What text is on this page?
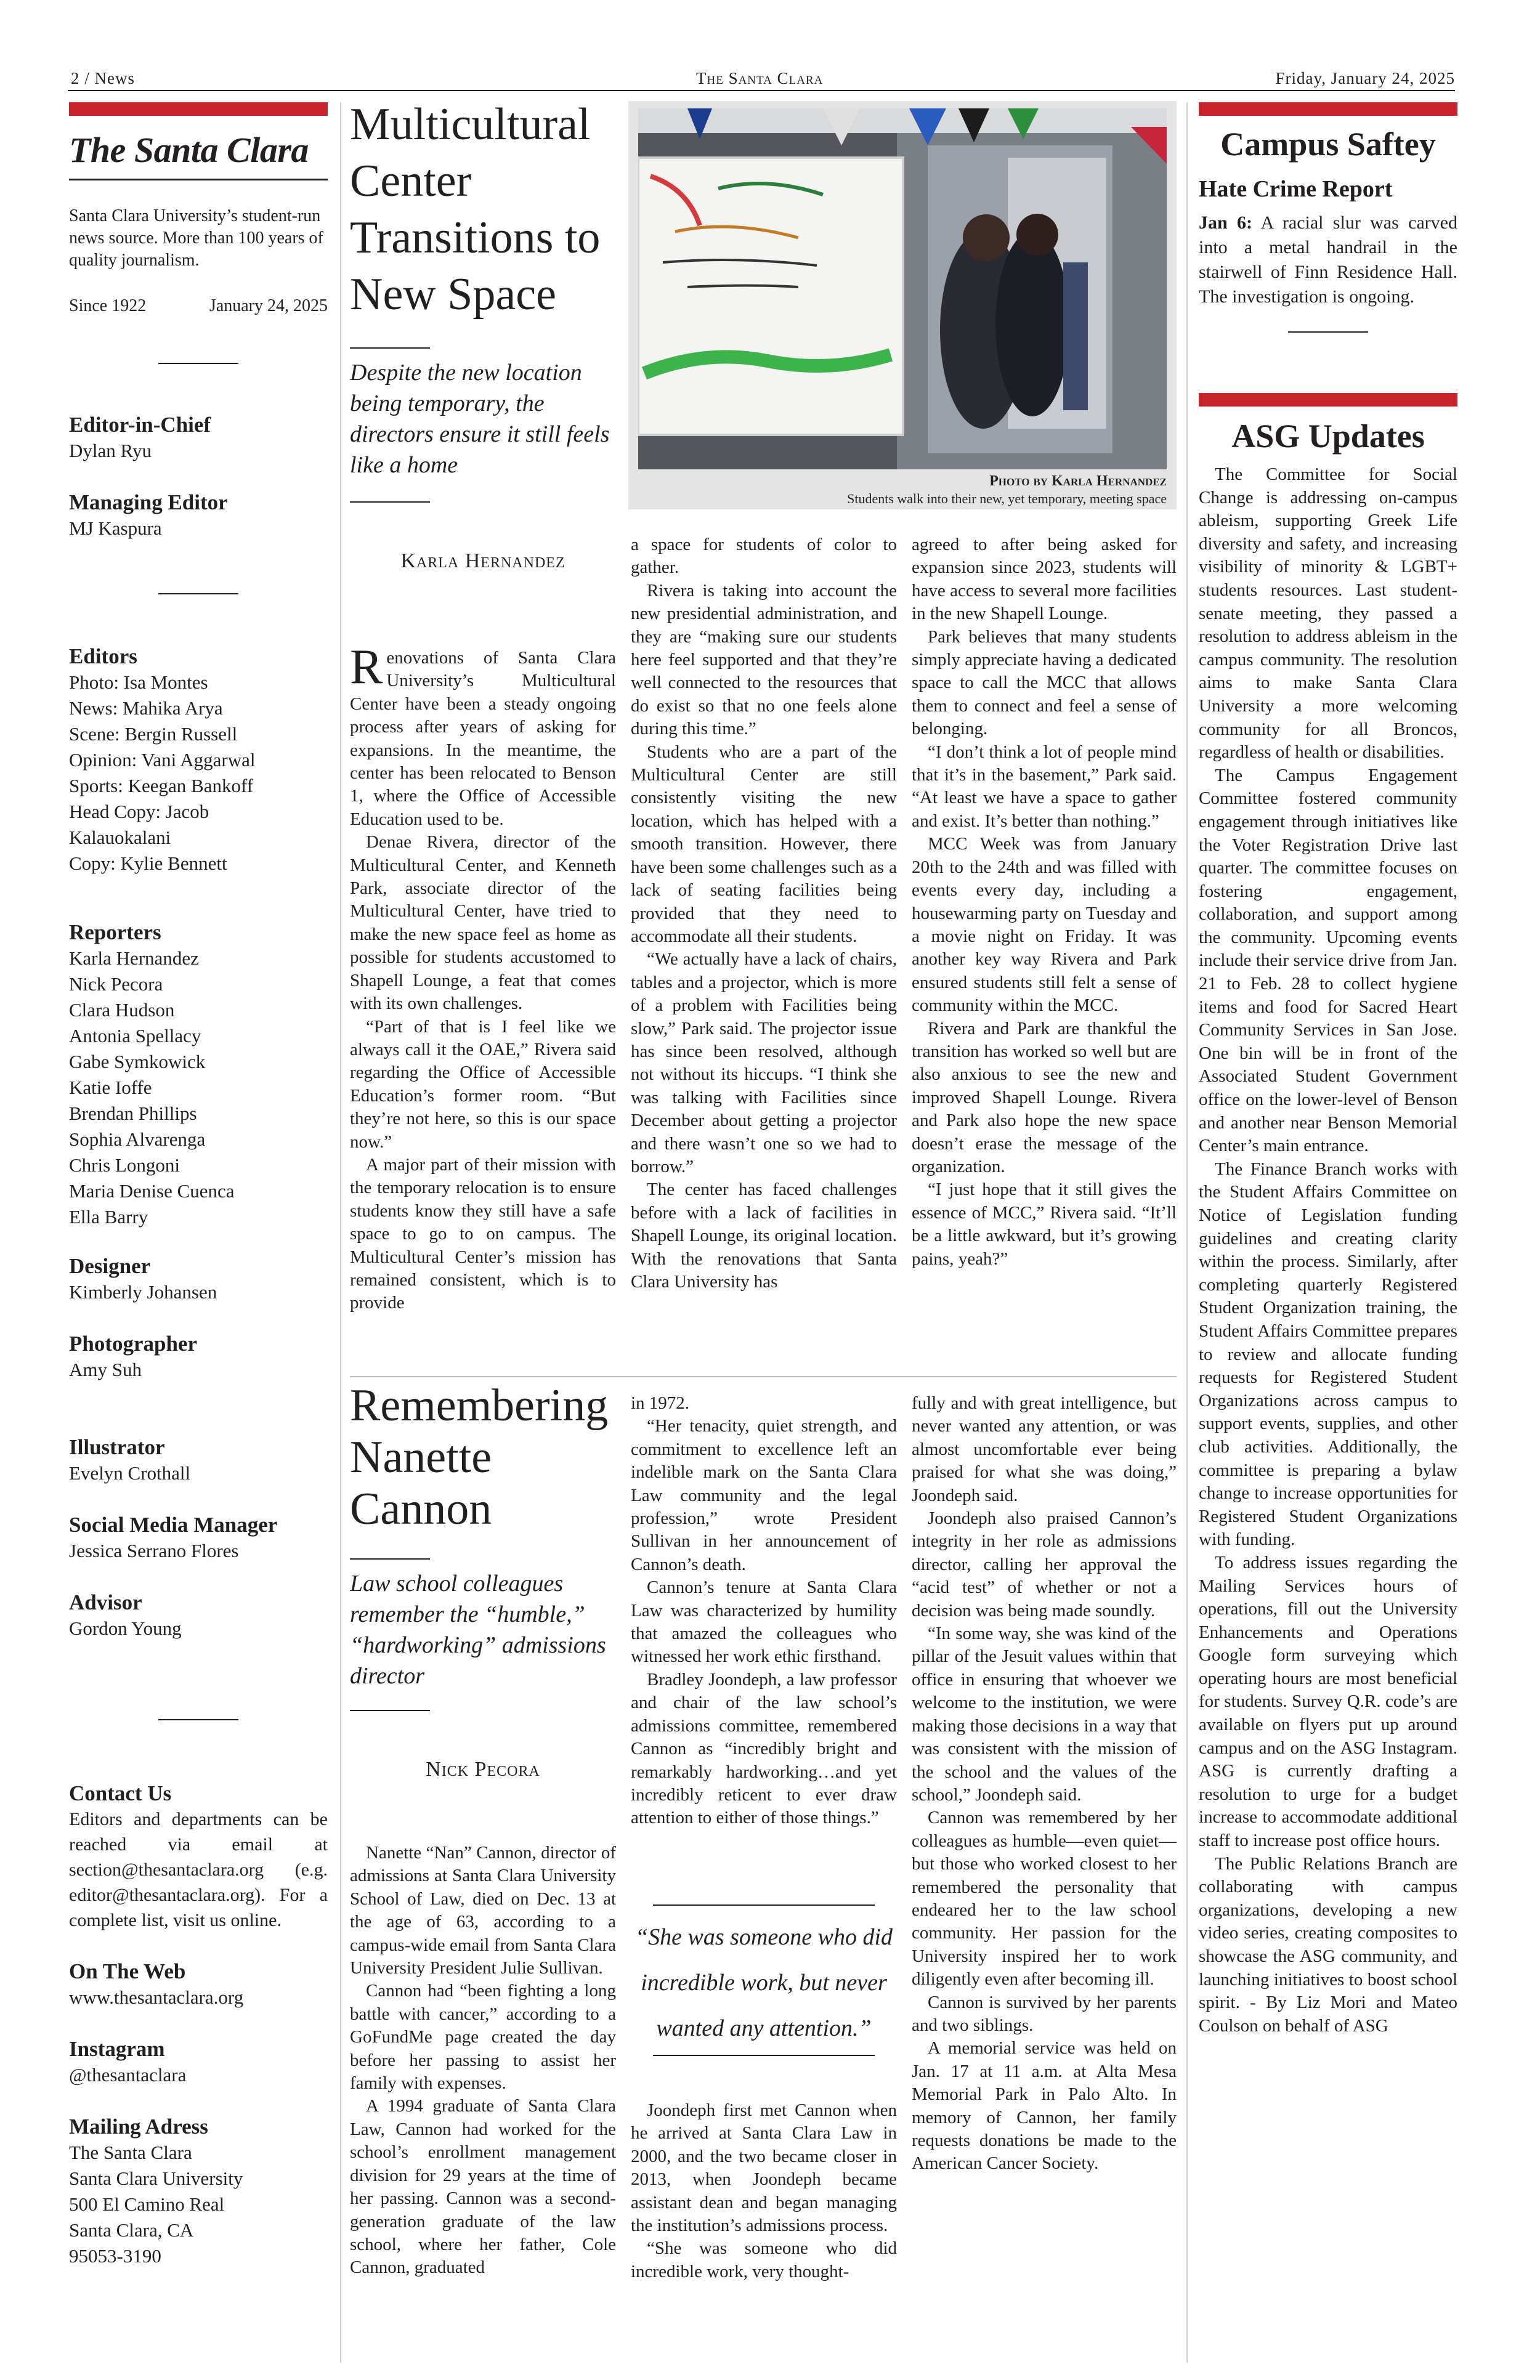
2 / News	The Santa Clara	Friday, January 24, 2025
The Santa Clara
Santa Clara University’s student-run news source. More than 100 years of quality journalism.
Since 1922	January 24, 2025
Editor-in-Chief
Dylan Ryu
Managing Editor
MJ Kaspura
Editors
Photo: Isa Montes
News: Mahika Arya
Scene: Bergin Russell
Opinion: Vani Aggarwal
Sports: Keegan Bankoff
Head Copy: Jacob
Kalauokalani
Copy: Kylie Bennett
Reporters
Karla Hernandez
Nick Pecora
Clara Hudson
Antonia Spellacy
Gabe Symkowick
Katie Ioffe
Brendan Phillips
Sophia Alvarenga
Chris Longoni
Maria Denise Cuenca
Ella Barry
Designer
Kimberly Johansen
Photographer
Amy Suh
Illustrator
Evelyn Crothall
Social Media Manager
Jessica Serrano Flores
Advisor
Gordon Young
Contact Us
Editors and departments can be reached via email at section@thesantaclara.org (e.g. editor@thesantaclara.org). For a complete list, visit us online.
On The Web
www.thesantaclara.org
Instagram
@thesantaclara
Mailing Adress
The Santa Clara
Santa Clara University
500 El Camino Real
Santa Clara, CA
95053-3190
Multicultural Center Transitions to New Space
Despite the new location being temporary, the directors ensure it still feels like a home
Karla Hernandez
Photo by Karla Hernandez
Students walk into their new, yet temporary, meeting space

Renovations of Santa Clara University’s Multicultural Center have been a steady ongoing process after years of asking for expansions. In the meantime, the center has been relocated to Benson 1, where the Office of Accessible Education used to be.

Denae Rivera, director of the Multicultural Center, and Kenneth Park, associate director of the Multicultural Center, have tried to make the new space feel as home as possible for students accustomed to Shapell Lounge, a feat that comes with its own challenges.

“Part of that is I feel like we always call it the OAE,” Rivera said regarding the Office of Accessible Education’s former room. “But they’re not here, so this is our space now.”

A major part of their mission with the temporary relocation is to ensure students know they still have a safe space to go to on campus. The Multicultural Center’s mission has remained consistent, which is to provide

a space for students of color to gather.

Rivera is taking into account the new presidential administration, and they are “making sure our students here feel supported and that they’re well connected to the resources that do exist so that no one feels alone during this time.”

Students who are a part of the Multicultural Center are still consistently visiting the new location, which has helped with a smooth transition. However, there have been some challenges such as a lack of seating facilities being provided that they need to accommodate all their students.

“We actually have a lack of chairs, tables and a projector, which is more of a problem with Facilities being slow,” Park said. The projector issue has since been resolved, although not without its hiccups. “I think she was talking with Facilities since December about getting a projector and there wasn’t one so we had to borrow.”

The center has faced challenges before with a lack of facilities in Shapell Lounge, its original location. With the renovations that Santa Clara University has

agreed to after being asked for expansion since 2023, students will have access to several more facilities in the new Shapell Lounge.

Park believes that many students simply appreciate having a dedicated space to call the MCC that allows them to connect and feel a sense of belonging.

“I don’t think a lot of people mind that it’s in the basement,” Park said. “At least we have a space to gather and exist. It’s better than nothing.”

MCC Week was from January 20th to the 24th and was filled with events every day, including a housewarming party on Tuesday and a movie night on Friday. It was another key way Rivera and Park ensured students still felt a sense of community within the MCC.

Rivera and Park are thankful the transition has worked so well but are also anxious to see the new and improved Shapell Lounge. Rivera and Park also hope the new space doesn’t erase the message of the organization.

“I just hope that it still gives the essence of MCC,” Rivera said. “It’ll be a little awkward, but it’s growing pains, yeah?”

Remembering Nanette Cannon
Law school colleagues remember the “humble,” “hardworking” admissions director
Nick Pecora

Nanette “Nan” Cannon, director of admissions at Santa Clara University School of Law, died on Dec. 13 at the age of 63, according to a campus-wide email from Santa Clara University President Julie Sullivan.

Cannon had “been fighting a long battle with cancer,” according to a GoFundMe page created the day before her passing to assist her family with expenses.

A 1994 graduate of Santa Clara Law, Cannon had worked for the school’s enrollment management division for 29 years at the time of her passing. Cannon was a second-generation graduate of the law school, where her father, Cole Cannon, graduated

in 1972.

“Her tenacity, quiet strength, and commitment to excellence left an indelible mark on the Santa Clara Law community and the legal profession,” wrote President Sullivan in her announcement of Cannon’s death.

Cannon’s tenure at Santa Clara Law was characterized by humility that amazed the colleagues who witnessed her work ethic firsthand.

Bradley Joondeph, a law professor and chair of the law school’s admissions committee, remembered Cannon as “incredibly bright and remarkably hardworking…and yet incredibly reticent to ever draw attention to either of those things.”

“She was someone who did incredible work, but never wanted any attention.”

Joondeph first met Cannon when he arrived at Santa Clara Law in 2000, and the two became closer in 2013, when Joondeph became assistant dean and began managing the institution’s admissions process.

“She was someone who did incredible work, very thought-

fully and with great intelligence, but never wanted any attention, or was almost uncomfortable ever being praised for what she was doing,” Joondeph said.

Joondeph also praised Cannon’s integrity in her role as admissions director, calling her approval the “acid test” of whether or not a decision was being made soundly.

“In some way, she was kind of the pillar of the Jesuit values within that office in ensuring that whoever we welcome to the institution, we were making those decisions in a way that was consistent with the mission of the school and the values of the school,” Joondeph said.

Cannon was remembered by her colleagues as humble—even quiet—but those who worked closest to her remembered the personality that endeared her to the law school community. Her passion for the University inspired her to work diligently even after becoming ill.

Cannon is survived by her parents and two siblings.

A memorial service was held on Jan. 17 at 11 a.m. at Alta Mesa Memorial Park in Palo Alto. In memory of Cannon, her family requests donations be made to the American Cancer Society.

Campus Saftey
Hate Crime Report
Jan 6: A racial slur was carved into a metal handrail in the stairwell of Finn Residence Hall. The investigation is ongoing.
ASG Updates

The Committee for Social Change is addressing on-campus ableism, supporting Greek Life diversity and safety, and increasing visibility of minority & LGBT+ students resources. Last student-senate meeting, they passed a resolution to address ableism in the campus community. The resolution aims to make Santa Clara University a more welcoming community for all Broncos, regardless of health or disabilities.

The Campus Engagement Committee fostered community engagement through initiatives like the Voter Registration Drive last quarter. The committee focuses on fostering engagement, collaboration, and support among the community. Upcoming events include their service drive from Jan. 21 to Feb. 28 to collect hygiene items and food for Sacred Heart Community Services in San Jose. One bin will be in front of the Associated Student Government office on the lower-level of Benson and another near Benson Memorial Center’s main entrance.

The Finance Branch works with the Student Affairs Committee on Notice of Legislation funding guidelines and creating clarity within the process. Similarly, after completing quarterly Registered Student Organization training, the Student Affairs Committee prepares to review and allocate funding requests for Registered Student Organizations across campus to support events, supplies, and other club activities. Additionally, the committee is preparing a bylaw change to increase opportunities for Registered Student Organizations with funding.

To address issues regarding the Mailing Services hours of operations, fill out the University Enhancements and Operations Google form surveying which operating hours are most beneficial for students. Survey Q.R. code’s are available on flyers put up around campus and on the ASG Instagram. ASG is currently drafting a resolution to urge for a budget increase to accommodate additional staff to increase post office hours.

The Public Relations Branch are collaborating with campus organizations, developing a new video series, creating composites to showcase the ASG community, and launching initiatives to boost school spirit. - By Liz Mori and Mateo Coulson on behalf of ASG
